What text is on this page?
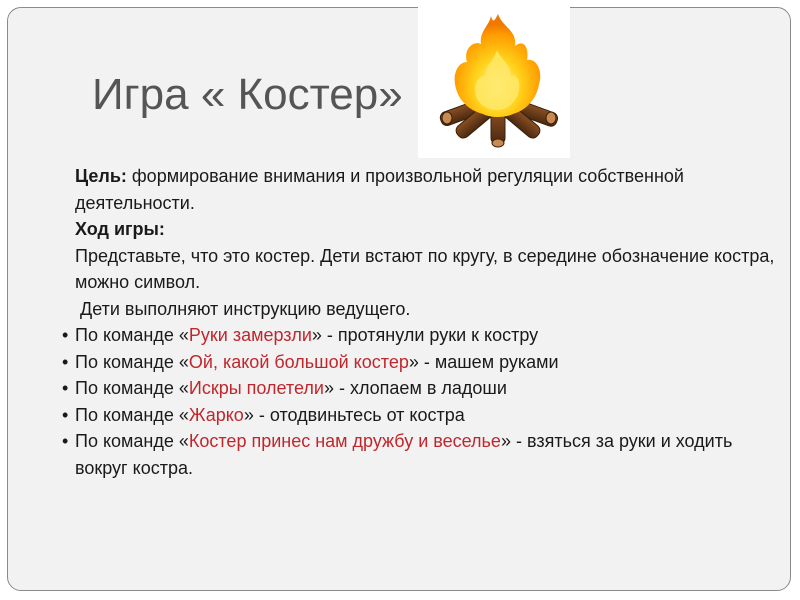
Игра « Костер»

Цель: формирование внимания и произвольной регуляции собственной деятельности.

Ход игры:

Представьте, что это костер. Дети встают по кругу, в середине обозначение костра, можно символ.

Дети выполняют инструкцию ведущего.

• По команде «Руки замерзли» - протянули руки к костру
• По команде «Ой, какой большой костер» - машем руками
• По команде «Искры полетели» - хлопаем в ладоши
• По команде «Жарко» - отодвиньтесь от костра
• По команде «Костер принес нам дружбу и веселье» - взяться за руки и ходить вокруг костра.
